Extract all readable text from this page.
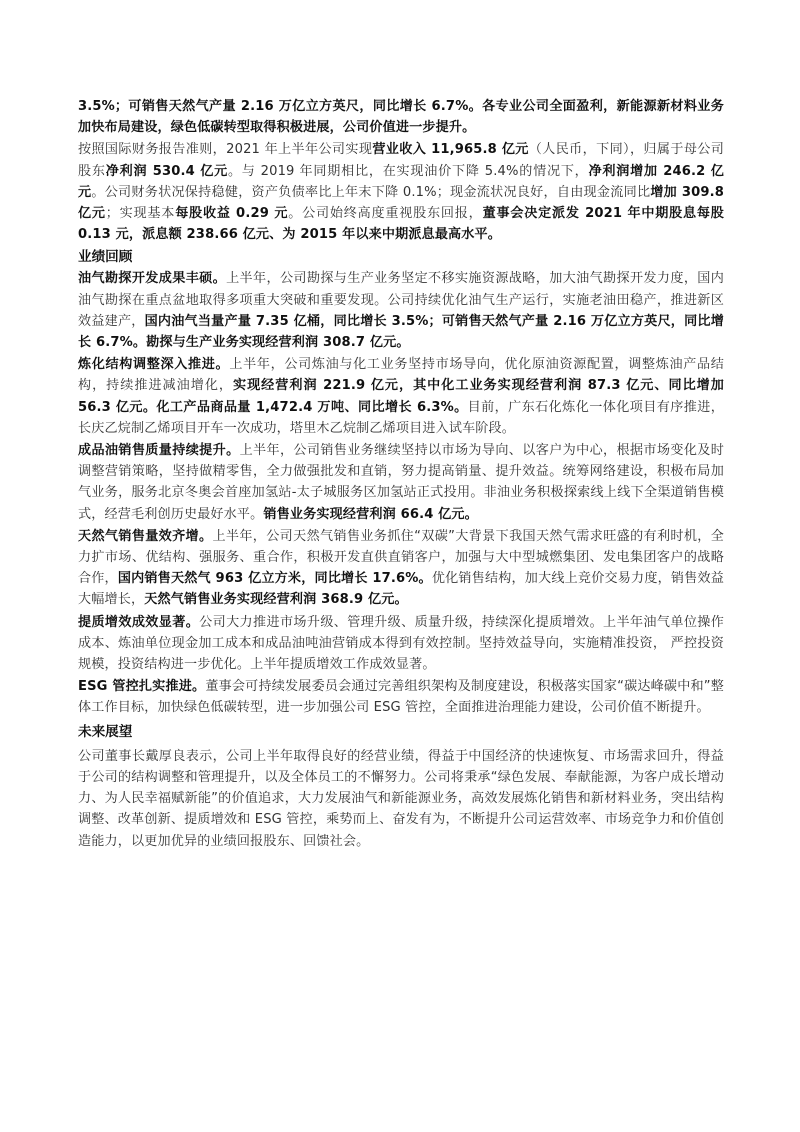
3.5%；可销售天然气产量 2.16 万亿立方英尺，同比增长 6.7%。各专业公司全面盈利，新能源新材料业务加快布局建设，绿色低碳转型取得积极进展，公司价值进一步提升。

按照国际财务报告准则，2021 年上半年公司实现营业收入 11,965.8 亿元（人民币，下同），归属于母公司股东净利润 530.4 亿元。与 2019 年同期相比，在实现油价下降 5.4%的情况下，净利润增加 246.2 亿元。公司财务状况保持稳健，资产负债率比上年末下降 0.1%；现金流状况良好，自由现金流同比增加 309.8 亿元；实现基本每股收益 0.29 元。公司始终高度重视股东回报，董事会决定派发 2021 年中期股息每股 0.13 元，派息额 238.66 亿元、为 2015 年以来中期派息最高水平。

业绩回顾

油气勘探开发成果丰硕。上半年，公司勘探与生产业务坚定不移实施资源战略，加大油气勘探开发力度，国内油气勘探在重点盆地取得多项重大突破和重要发现。公司持续优化油气生产运行，实施老油田稳产，推进新区效益建产，国内油气当量产量 7.35 亿桶，同比增长 3.5%；可销售天然气产量 2.16 万亿立方英尺，同比增长 6.7%。勘探与生产业务实现经营利润 308.7 亿元。

炼化结构调整深入推进。上半年，公司炼油与化工业务坚持市场导向，优化原油资源配置，调整炼油产品结构，持续推进减油增化，实现经营利润 221.9 亿元，其中化工业务实现经营利润 87.3 亿元、同比增加 56.3 亿元。化工产品商品量 1,472.4 万吨、同比增长 6.3%。目前，广东石化炼化一体化项目有序推进，长庆乙烷制乙烯项目开车一次成功，塔里木乙烷制乙烯项目进入试车阶段。

成品油销售质量持续提升。上半年，公司销售业务继续坚持以市场为导向、以客户为中心，根据市场变化及时调整营销策略，坚持做精零售，全力做强批发和直销，努力提高销量、提升效益。统筹网络建设，积极布局加气业务，服务北京冬奥会首座加氢站-太子城服务区加氢站正式投用。非油业务积极探索线上线下全渠道销售模式，经营毛利创历史最好水平。销售业务实现经营利润 66.4 亿元。

天然气销售量效齐增。上半年，公司天然气销售业务抓住“双碳”大背景下我国天然气需求旺盛的有利时机，全力扩市场、优结构、强服务、重合作，积极开发直供直销客户，加强与大中型城燃集团、发电集团客户的战略合作，国内销售天然气 963 亿立方米，同比增长 17.6%。优化销售结构，加大线上竞价交易力度，销售效益大幅增长，天然气销售业务实现经营利润 368.9 亿元。

提质增效成效显著。公司大力推进市场升级、管理升级、质量升级，持续深化提质增效。上半年油气单位操作成本、炼油单位现金加工成本和成品油吨油营销成本得到有效控制。坚持效益导向，实施精准投资， 严控投资规模，投资结构进一步优化。上半年提质增效工作成效显著。

ESG 管控扎实推进。董事会可持续发展委员会通过完善组织架构及制度建设，积极落实国家“碳达峰碳中和”整体工作目标，加快绿色低碳转型，进一步加强公司 ESG 管控，全面推进治理能力建设，公司价值不断提升。

未来展望

公司董事长戴厚良表示，公司上半年取得良好的经营业绩，得益于中国经济的快速恢复、市场需求回升，得益于公司的结构调整和管理提升，以及全体员工的不懈努力。公司将秉承“绿色发展、奉献能源，为客户成长增动力、为人民幸福赋新能”的价值追求，大力发展油气和新能源业务，高效发展炼化销售和新材料业务，突出结构调整、改革创新、提质增效和 ESG 管控，乘势而上、奋发有为，不断提升公司运营效率、市场竞争力和价值创造能力，以更加优异的业绩回报股东、回馈社会。
